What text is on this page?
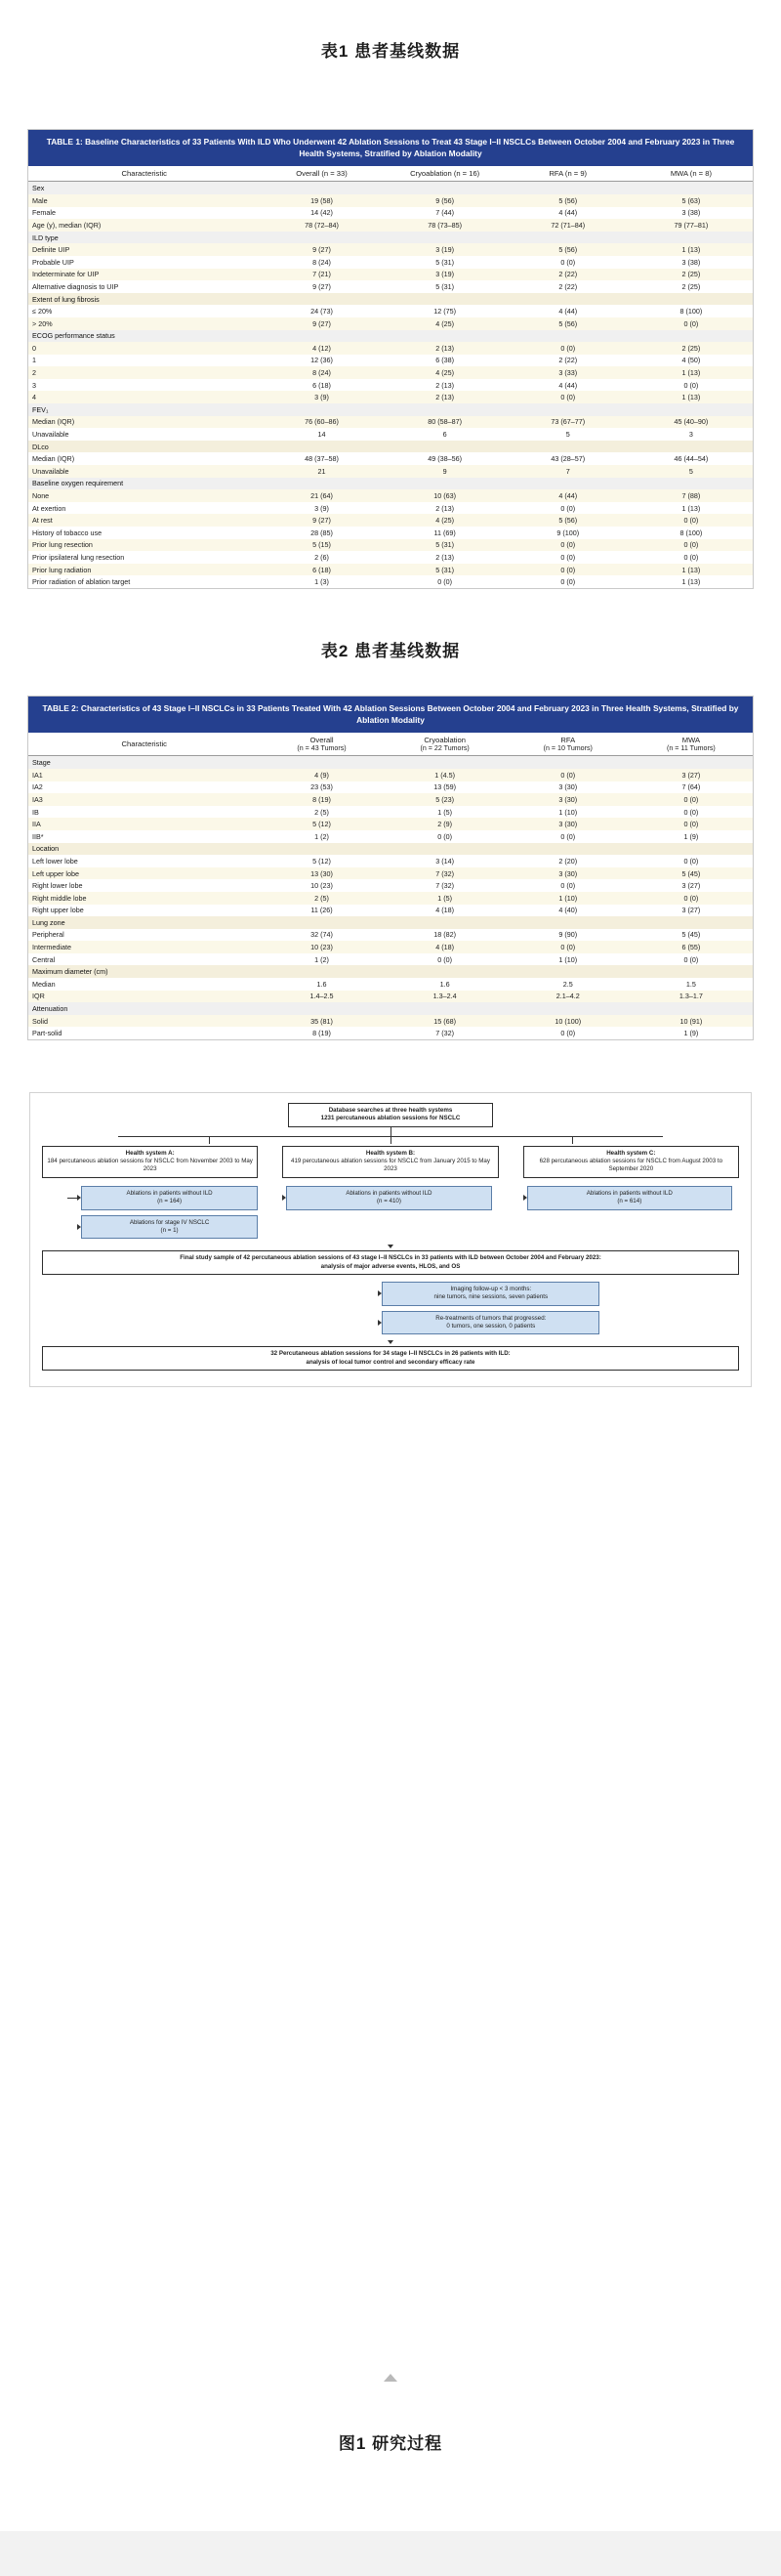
表1 患者基线数据
TABLE 1: Baseline Characteristics of 33 Patients With ILD Who Underwent 42 Ablation Sessions to Treat 43 Stage I–II NSCLCs Between October 2004 and February 2023 in Three Health Systems, Stratified by Ablation Modality
Characteristic	Overall (n = 33)	Cryoablation (n = 16)	RFA (n = 9)	MWA (n = 8)
Sex				
Male	19 (58)	9 (56)	5 (56)	5 (63)
Female	14 (42)	7 (44)	4 (44)	3 (38)
Age (y), median (IQR)	78 (72–84)	78 (73–85)	72 (71–84)	79 (77–81)
ILD type				
Definite UIP	9 (27)	3 (19)	5 (56)	1 (13)
Probable UIP	8 (24)	5 (31)	0 (0)	3 (38)
Indeterminate for UIP	7 (21)	3 (19)	2 (22)	2 (25)
Alternative diagnosis to UIP	9 (27)	5 (31)	2 (22)	2 (25)
Extent of lung fibrosis				
≤ 20%	24 (73)	12 (75)	4 (44)	8 (100)
> 20%	9 (27)	4 (25)	5 (56)	0 (0)
ECOG performance status				
0	4 (12)	2 (13)	0 (0)	2 (25)
1	12 (36)	6 (38)	2 (22)	4 (50)
2	8 (24)	4 (25)	3 (33)	1 (13)
3	6 (18)	2 (13)	4 (44)	0 (0)
4	3 (9)	2 (13)	0 (0)	1 (13)
FEV₁				
Median (IQR)	76 (60–86)	80 (58–87)	73 (67–77)	45 (40–90)
Unavailable	14	6	5	3
DLco				
Median (IQR)	48 (37–58)	49 (38–56)	43 (28–57)	46 (44–54)
Unavailable	21	9	7	5
Baseline oxygen requirement				
None	21 (64)	10 (63)	4 (44)	7 (88)
At exertion	3 (9)	2 (13)	0 (0)	1 (13)
At rest	9 (27)	4 (25)	5 (56)	0 (0)
History of tobacco use	28 (85)	11 (69)	9 (100)	8 (100)
Prior lung resection	5 (15)	5 (31)	0 (0)	0 (0)
Prior ipsilateral lung resection	2 (6)	2 (13)	0 (0)	0 (0)
Prior lung radiation	6 (18)	5 (31)	0 (0)	1 (13)
Prior radiation of ablation target	1 (3)	0 (0)	0 (0)	1 (13)
表2 患者基线数据
TABLE 2: Characteristics of 43 Stage I–II NSCLCs in 33 Patients Treated With 42 Ablation Sessions Between October 2004 and February 2023 in Three Health Systems, Stratified by Ablation Modality
Characteristic	Overall
(n = 43 Tumors)	Cryoablation
(n = 22 Tumors)	RFA
(n = 10 Tumors)	MWA
(n = 11 Tumors)

Stage				
IA1	4 (9)	1 (4.5)	0 (0)	3 (27)
IA2	23 (53)	13 (59)	3 (30)	7 (64)
IA3	8 (19)	5 (23)	3 (30)	0 (0)
IB	2 (5)	1 (5)	1 (10)	0 (0)
IIA	5 (12)	2 (9)	3 (30)	0 (0)
IIB*	1 (2)	0 (0)	0 (0)	1 (9)
Location				
Left lower lobe	5 (12)	3 (14)	2 (20)	0 (0)
Left upper lobe	13 (30)	7 (32)	3 (30)	5 (45)
Right lower lobe	10 (23)	7 (32)	0 (0)	3 (27)
Right middle lobe	2 (5)	1 (5)	1 (10)	0 (0)
Right upper lobe	11 (26)	4 (18)	4 (40)	3 (27)
Lung zone				
Peripheral	32 (74)	18 (82)	9 (90)	5 (45)
Intermediate	10 (23)	4 (18)	0 (0)	6 (55)
Central	1 (2)	0 (0)	1 (10)	0 (0)
Maximum diameter (cm)				
Median	1.6	1.6	2.5	1.5
IQR	1.4–2.5	1.3–2.4	2.1–4.2	1.3–1.7
Attenuation				
Solid	35 (81)	15 (68)	10 (100)	10 (91)
Part-solid	8 (19)	7 (32)	0 (0)	1 (9)
Database searches at three health systems
1231 percutaneous ablation sessions for NSCLC
Health system A:
184 percutaneous ablation sessions for NSCLC from November 2003 to May 2023
Health system B:
419 percutaneous ablation sessions for NSCLC from January 2015 to May 2023
Health system C:
628 percutaneous ablation sessions for NSCLC from August 2003 to September 2020
Ablations in patients without ILD
(n = 164)
Ablations in patients without ILD
(n = 410)
Ablations in patients without ILD
(n = 614)
Ablations for stage IV NSCLC
(n = 1)
Final study sample of 42 percutaneous ablation sessions of 43 stage I–II NSCLCs in 33 patients with ILD between October 2004 and February 2023:
analysis of major adverse events, HLOS, and OS
Imaging follow-up < 3 months:
nine tumors, nine sessions, seven patients
Re-treatments of tumors that progressed:
0 tumors, one session, 0 patients
32 Percutaneous ablation sessions for 34 stage I–II NSCLCs in 26 patients with ILD:
analysis of local tumor control and secondary efficacy rate
图1 研究过程
